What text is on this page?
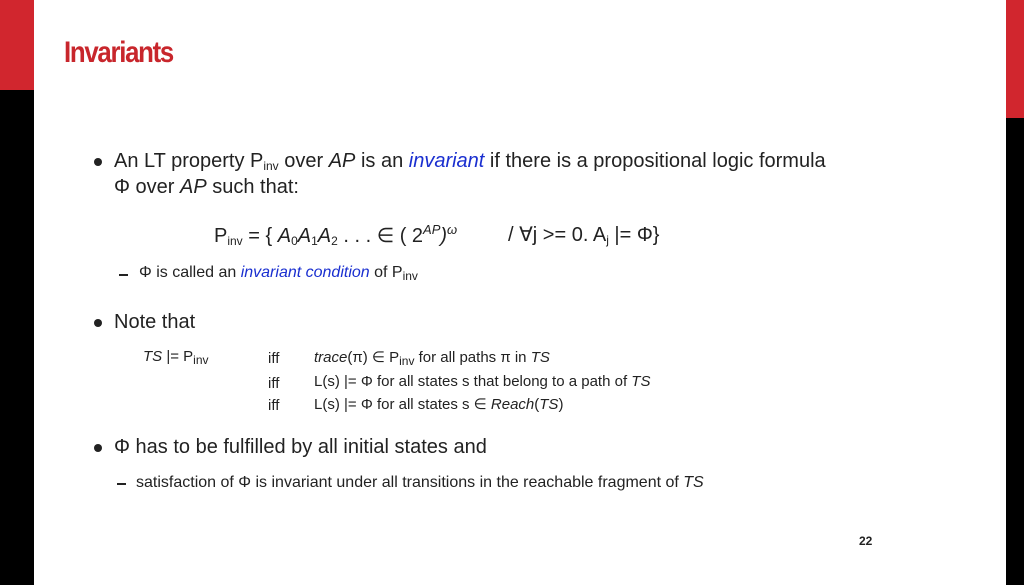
Invariants
An LT property $P_{inv}$ over AP is an invariant if there is a propositional logic formula
Φ over AP such that:
$P_{inv}$ = { $A_0A_1A_2$ . . . ∈ ( $2^{AP})^\omega$	/ ∀j >= 0. $A_j$ |= Φ}
Φ is called an invariant condition of $P_{inv}$
Note that
TS |= $P_{inv}$	iff trace(π) ∈ $P_{inv}$ for all paths π in TS
iff L(s) |= Φ for all states s that belong to a path of TS
iff L(s) |= Φ for all states s ∈ Reach(TS)
Φ has to be fulfilled by all initial states and
satisfaction of Φ is invariant under all transitions in the reachable fragment of TS
22
